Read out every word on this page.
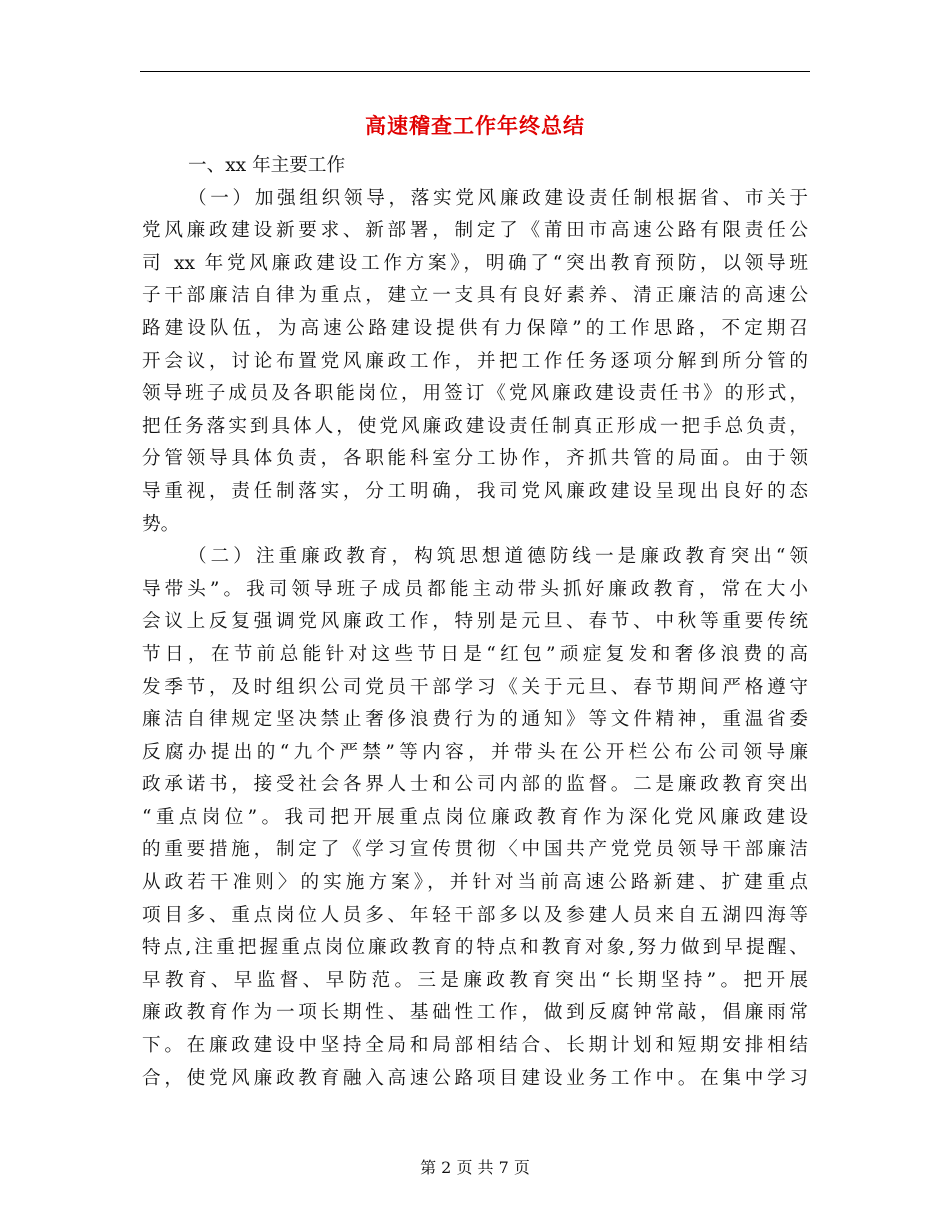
高速稽查工作年终总结
一、xx 年主要工作
（一）加强组织领导，落实党风廉政建设责任制根据省、市关于
党风廉政建设新要求、新部署，制定了《莆田市高速公路有限责任公
司 xx 年党风廉政建设工作方案》，明确了“突出教育预防，以领导班
子干部廉洁自律为重点，建立一支具有良好素养、清正廉洁的高速公
路建设队伍，为高速公路建设提供有力保障”的工作思路，不定期召
开会议，讨论布置党风廉政工作，并把工作任务逐项分解到所分管的
领导班子成员及各职能岗位，用签订《党风廉政建设责任书》的形式，
把任务落实到具体人，使党风廉政建设责任制真正形成一把手总负责，
分管领导具体负责，各职能科室分工协作，齐抓共管的局面。由于领
导重视，责任制落实，分工明确，我司党风廉政建设呈现出良好的态
势。
（二）注重廉政教育，构筑思想道德防线一是廉政教育突出“领
导带头”。我司领导班子成员都能主动带头抓好廉政教育，常在大小
会议上反复强调党风廉政工作，特别是元旦、春节、中秋等重要传统
节日，在节前总能针对这些节日是“红包”顽症复发和奢侈浪费的高
发季节，及时组织公司党员干部学习《关于元旦、春节期间严格遵守
廉洁自律规定坚决禁止奢侈浪费行为的通知》等文件精神，重温省委
反腐办提出的“九个严禁”等内容，并带头在公开栏公布公司领导廉
政承诺书，接受社会各界人士和公司内部的监督。二是廉政教育突出
“重点岗位”。我司把开展重点岗位廉政教育作为深化党风廉政建设
的重要措施，制定了《学习宣传贯彻〈中国共产党党员领导干部廉洁
从政若干准则〉的实施方案》，并针对当前高速公路新建、扩建重点
项目多、重点岗位人员多、年轻干部多以及参建人员来自五湖四海等
特点,注重把握重点岗位廉政教育的特点和教育对象,努力做到早提醒、
早教育、早监督、早防范。三是廉政教育突出“长期坚持”。把开展
廉政教育作为一项长期性、基础性工作，做到反腐钟常敲，倡廉雨常
下。在廉政建设中坚持全局和局部相结合、长期计划和短期安排相结
合，使党风廉政教育融入高速公路项目建设业务工作中。在集中学习
第 2 页 共 7 页
